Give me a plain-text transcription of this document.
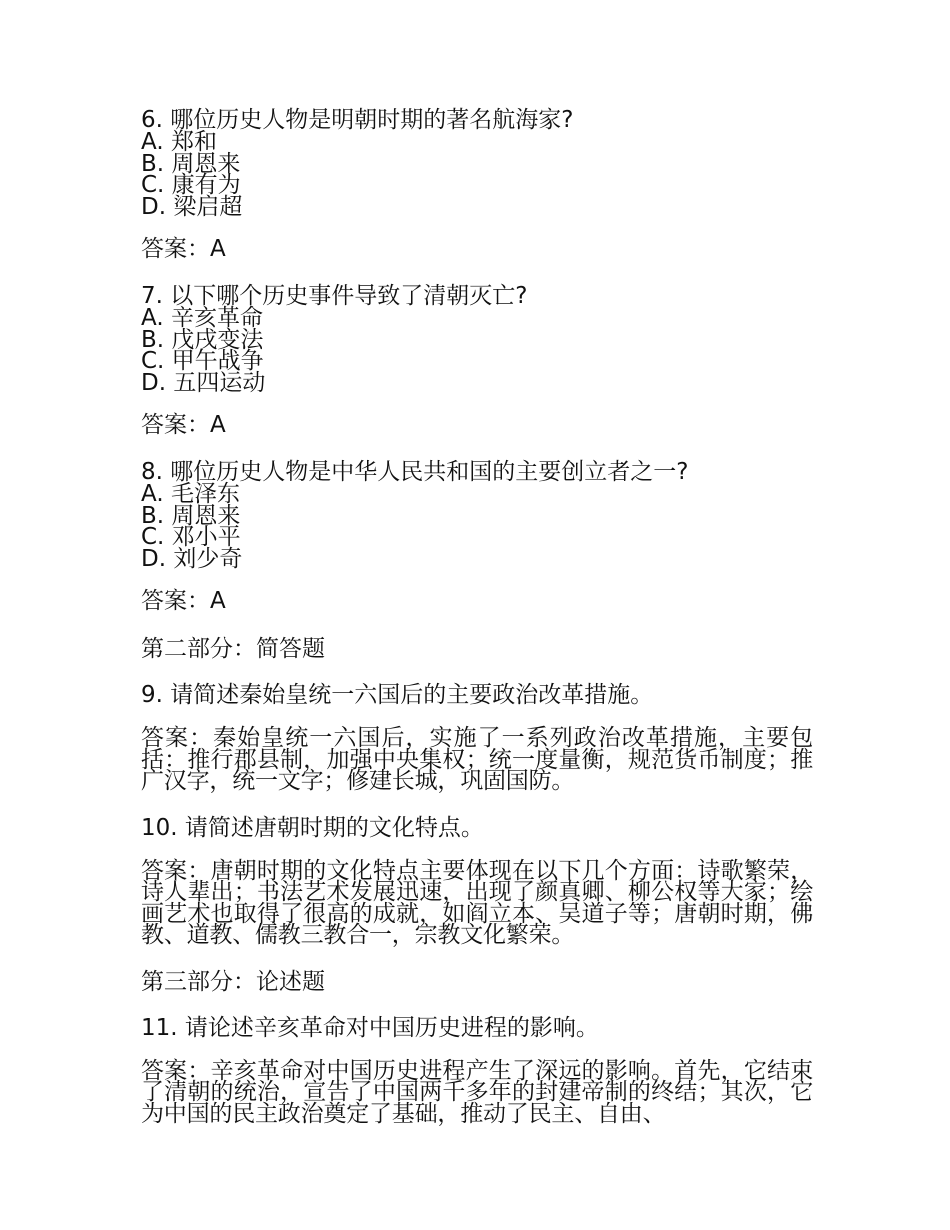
6. 哪位历史人物是明朝时期的著名航海家?

A. 郑和

B. 周恩来

C. 康有为

D. 梁启超

答案：A

7. 以下哪个历史事件导致了清朝灭亡?

A. 辛亥革命

B. 戊戌变法

C. 甲午战争

D. 五四运动

答案：A

8. 哪位历史人物是中华人民共和国的主要创立者之一?

A. 毛泽东

B. 周恩来

C. 邓小平

D. 刘少奇

答案：A

第二部分：简答题

9. 请简述秦始皇统一六国后的主要政治改革措施。

答案：秦始皇统一六国后，实施了一系列政治改革措施，主要包括：推行郡县制，加强中央集权；统一度量衡，规范货币制度；推广汉字，统一文字；修建长城，巩固国防。

10. 请简述唐朝时期的文化特点。

答案：唐朝时期的文化特点主要体现在以下几个方面：诗歌繁荣，诗人辈出；书法艺术发展迅速，出现了颜真卿、柳公权等大家；绘画艺术也取得了很高的成就，如阎立本、吴道子等；唐朝时期，佛教、道教、儒教三教合一，宗教文化繁荣。

第三部分：论述题

11. 请论述辛亥革命对中国历史进程的影响。

答案：辛亥革命对中国历史进程产生了深远的影响。首先，它结束了清朝的统治，宣告了中国两千多年的封建帝制的终结；其次，它为中国的民主政治奠定了基础，推动了民主、自由、
